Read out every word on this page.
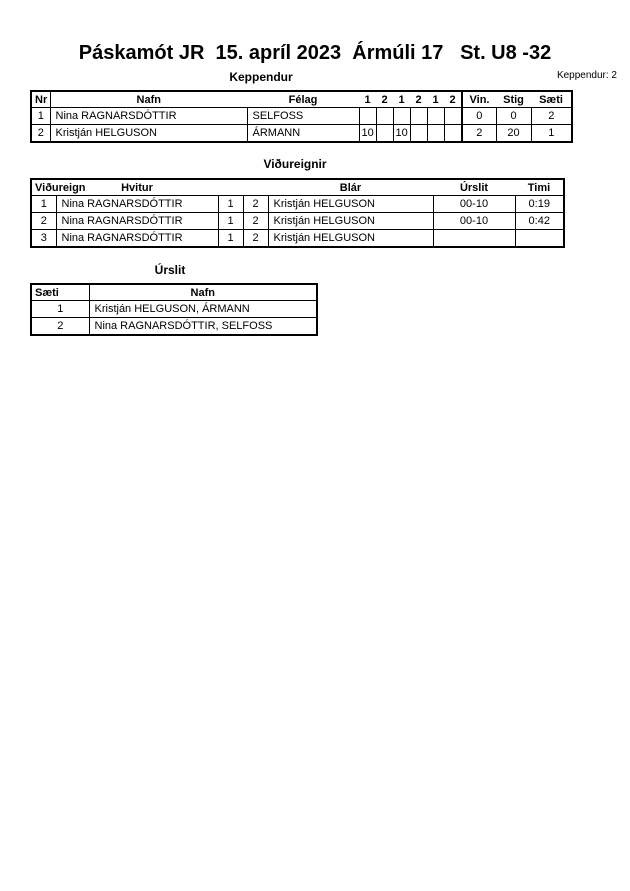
Páskamót JR  15. apríl 2023  Ármúli 17   St. U8 -32
Keppendur	Keppendur: 2
Nr	Nafn	Félag	1	2	1	2	1	2	Vin.	Stig	Sæti
1	Nina RAGNARSDÓTTIR	SELFOSS							0	0	2
2	Kristján HELGUSON	ÁRMANN	10		10				2	20	1
Viðureignir
Viðureign	Hvitur			Blár	Úrslit	Timi
1	Nina RAGNARSDÓTTIR	1	2	Kristján HELGUSON	00-10	0:19
2	Nina RAGNARSDÓTTIR	1	2	Kristján HELGUSON	00-10	0:42
3	Nina RAGNARSDÓTTIR	1	2	Kristján HELGUSON		
Úrslit
Sæti	Nafn
1	Kristján HELGUSON, ÁRMANN
2	Nina RAGNARSDÓTTIR, SELFOSS
